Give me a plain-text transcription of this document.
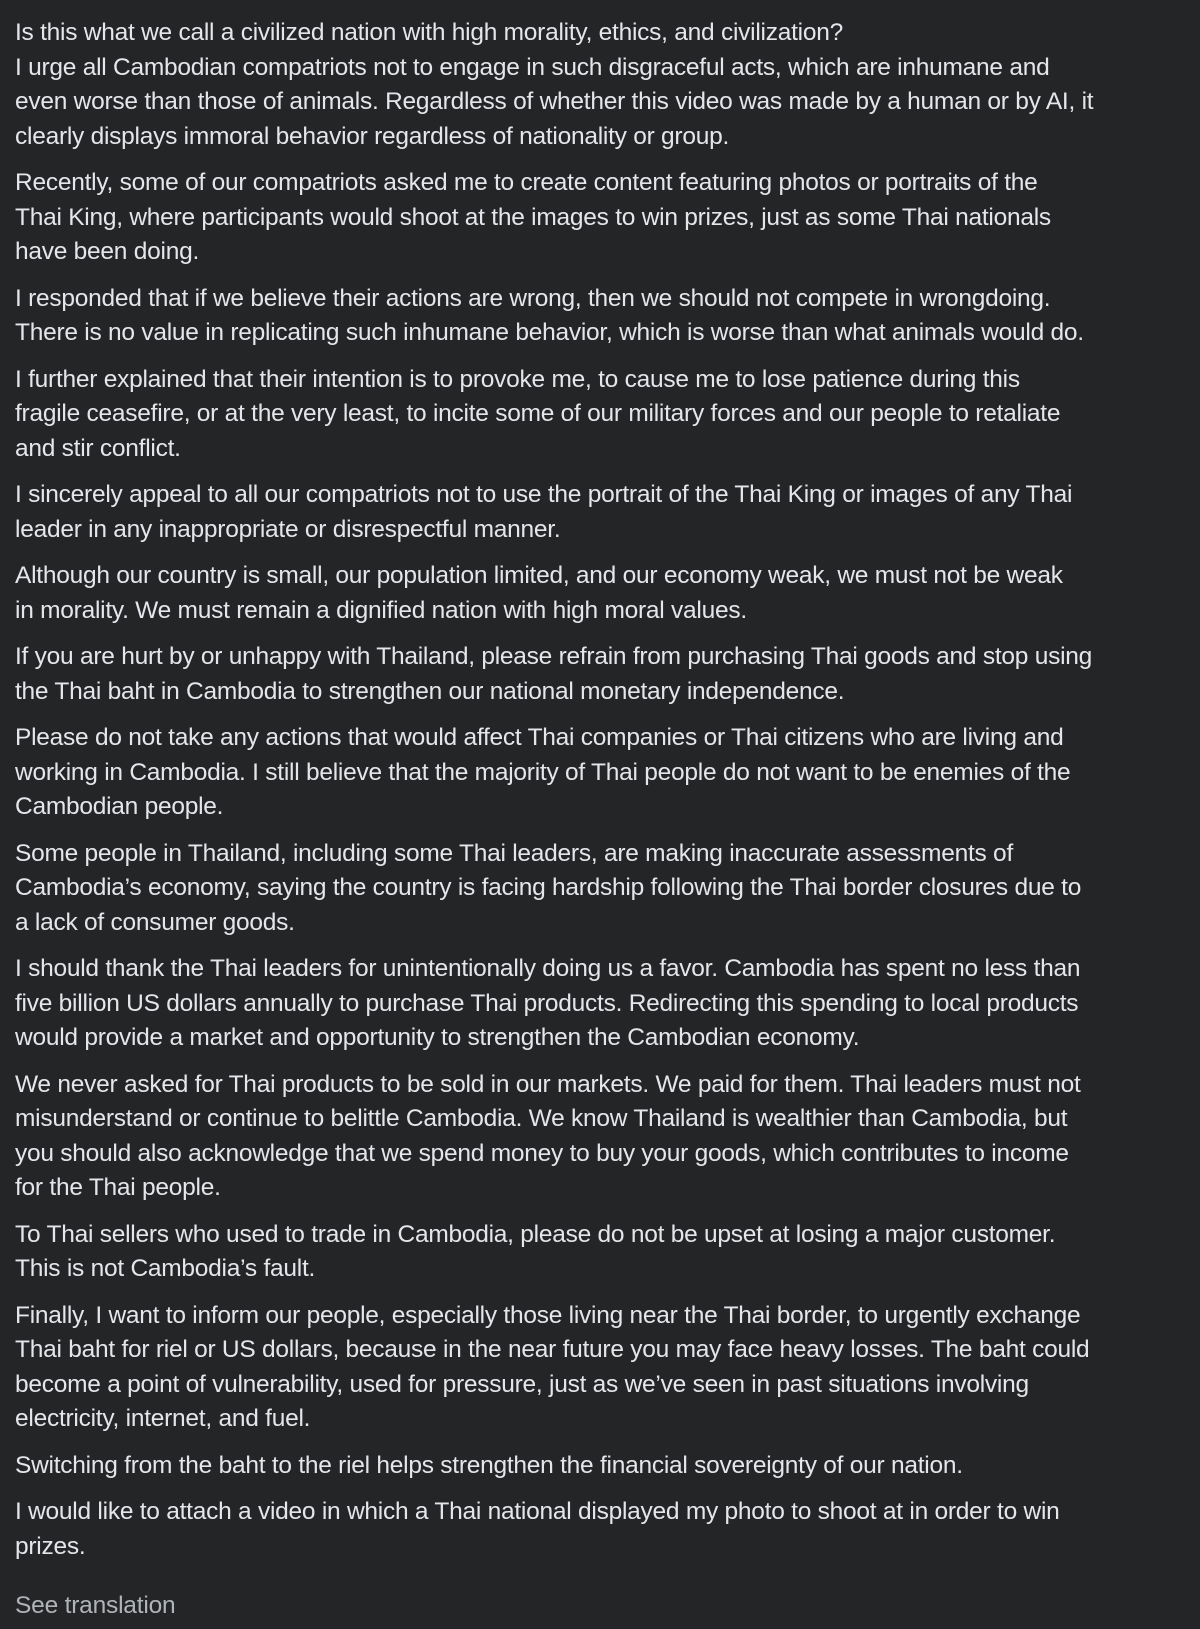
Is this what we call a civilized nation with high morality, ethics, and civilization?
I urge all Cambodian compatriots not to engage in such disgraceful acts, which are inhumane and
even worse than those of animals. Regardless of whether this video was made by a human or by AI, it
clearly displays immoral behavior regardless of nationality or group.

Recently, some of our compatriots asked me to create content featuring photos or portraits of the
Thai King, where participants would shoot at the images to win prizes, just as some Thai nationals
have been doing.

I responded that if we believe their actions are wrong, then we should not compete in wrongdoing.
There is no value in replicating such inhumane behavior, which is worse than what animals would do.

I further explained that their intention is to provoke me, to cause me to lose patience during this
fragile ceasefire, or at the very least, to incite some of our military forces and our people to retaliate
and stir conflict.

I sincerely appeal to all our compatriots not to use the portrait of the Thai King or images of any Thai
leader in any inappropriate or disrespectful manner.

Although our country is small, our population limited, and our economy weak, we must not be weak
in morality. We must remain a dignified nation with high moral values.

If you are hurt by or unhappy with Thailand, please refrain from purchasing Thai goods and stop using
the Thai baht in Cambodia to strengthen our national monetary independence.

Please do not take any actions that would affect Thai companies or Thai citizens who are living and
working in Cambodia. I still believe that the majority of Thai people do not want to be enemies of the
Cambodian people.

Some people in Thailand, including some Thai leaders, are making inaccurate assessments of
Cambodia’s economy, saying the country is facing hardship following the Thai border closures due to
a lack of consumer goods.

I should thank the Thai leaders for unintentionally doing us a favor. Cambodia has spent no less than
five billion US dollars annually to purchase Thai products. Redirecting this spending to local products
would provide a market and opportunity to strengthen the Cambodian economy.

We never asked for Thai products to be sold in our markets. We paid for them. Thai leaders must not
misunderstand or continue to belittle Cambodia. We know Thailand is wealthier than Cambodia, but
you should also acknowledge that we spend money to buy your goods, which contributes to income
for the Thai people.

To Thai sellers who used to trade in Cambodia, please do not be upset at losing a major customer.
This is not Cambodia’s fault.

Finally, I want to inform our people, especially those living near the Thai border, to urgently exchange
Thai baht for riel or US dollars, because in the near future you may face heavy losses. The baht could
become a point of vulnerability, used for pressure, just as we’ve seen in past situations involving
electricity, internet, and fuel.

Switching from the baht to the riel helps strengthen the financial sovereignty of our nation.

I would like to attach a video in which a Thai national displayed my photo to shoot at in order to win
prizes.

See translation
